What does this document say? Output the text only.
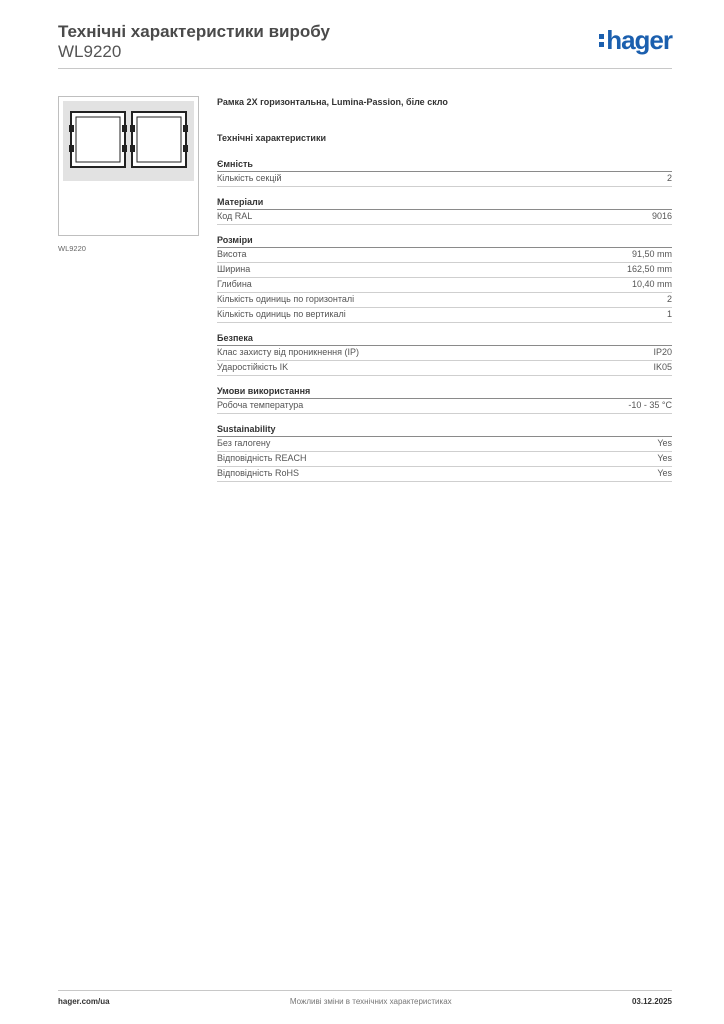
Технічні характеристики виробу
WL9220	hager
WL9220
Рамка 2X горизонтальна, Lumina-Passion, біле скло
Технічні характеристики
Ємність
Кількість секцій	2
Матеріали
Код RAL	9016
Розміри
Висота	91,50 mm
Ширина	162,50 mm
Глибина	10,40 mm
Кількість одиниць по горизонталі	2
Кількість одиниць по вертикалі	1
Безпека
Клас захисту від проникнення (IP)	IP20
Ударостійкість IK	IK05
Умови використання
Робоча температура	-10 - 35 °C
Sustainability
Без галогену	Yes
Відповідність REACH	Yes
Відповідність RoHS	Yes
hager.com/ua	Можливі зміни в технічних характеристиках	03.12.2025
